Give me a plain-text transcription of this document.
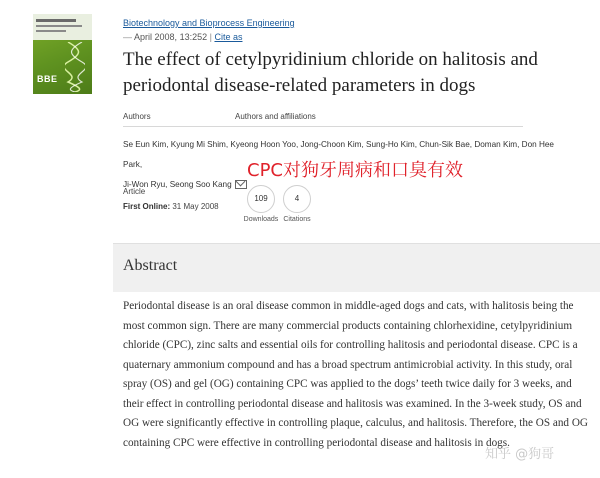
BBE
Biotechnology and Bioprocess Engineering
— April 2008, 13:252 | Cite as
The effect of cetylpyridinium chloride on halitosis and periodontal disease-related parameters in dogs
Authors	Authors and affiliations
Se Eun Kim, Kyung Mi Shim, Kyeong Hoon Yoo, Jong-Choon Kim, Sung-Ho Kim, Chun-Sik Bae, Doman Kim, Don Hee Park,
Ji-Won Ryu, Seong Soo Kang
CPC对狗牙周病和口臭有效
Article
First Online: 31 May 2008
109
Downloads
4
Citations
Abstract
Periodontal disease is an oral disease common in middle-aged dogs and cats, with halitosis being the most common sign. There are many commercial products containing chlorhexidine, cetylpyridinium chloride (CPC), zinc salts and essential oils for controlling halitosis and periodontal disease. CPC is a quaternary ammonium compound and has a broad spectrum antimicrobial activity. In this study, oral spray (OS) and gel (OG) containing CPC was applied to the dogs’ teeth twice daily for 3 weeks, and their effect in controlling periodontal disease and halitosis was examined. In the 3-week study, OS and OG were significantly effective in controlling plaque, calculus, and halitosis. Therefore, the OS and OG containing CPC were effective in controlling periodontal disease and halitosis in dogs.
知乎 @狗哥
